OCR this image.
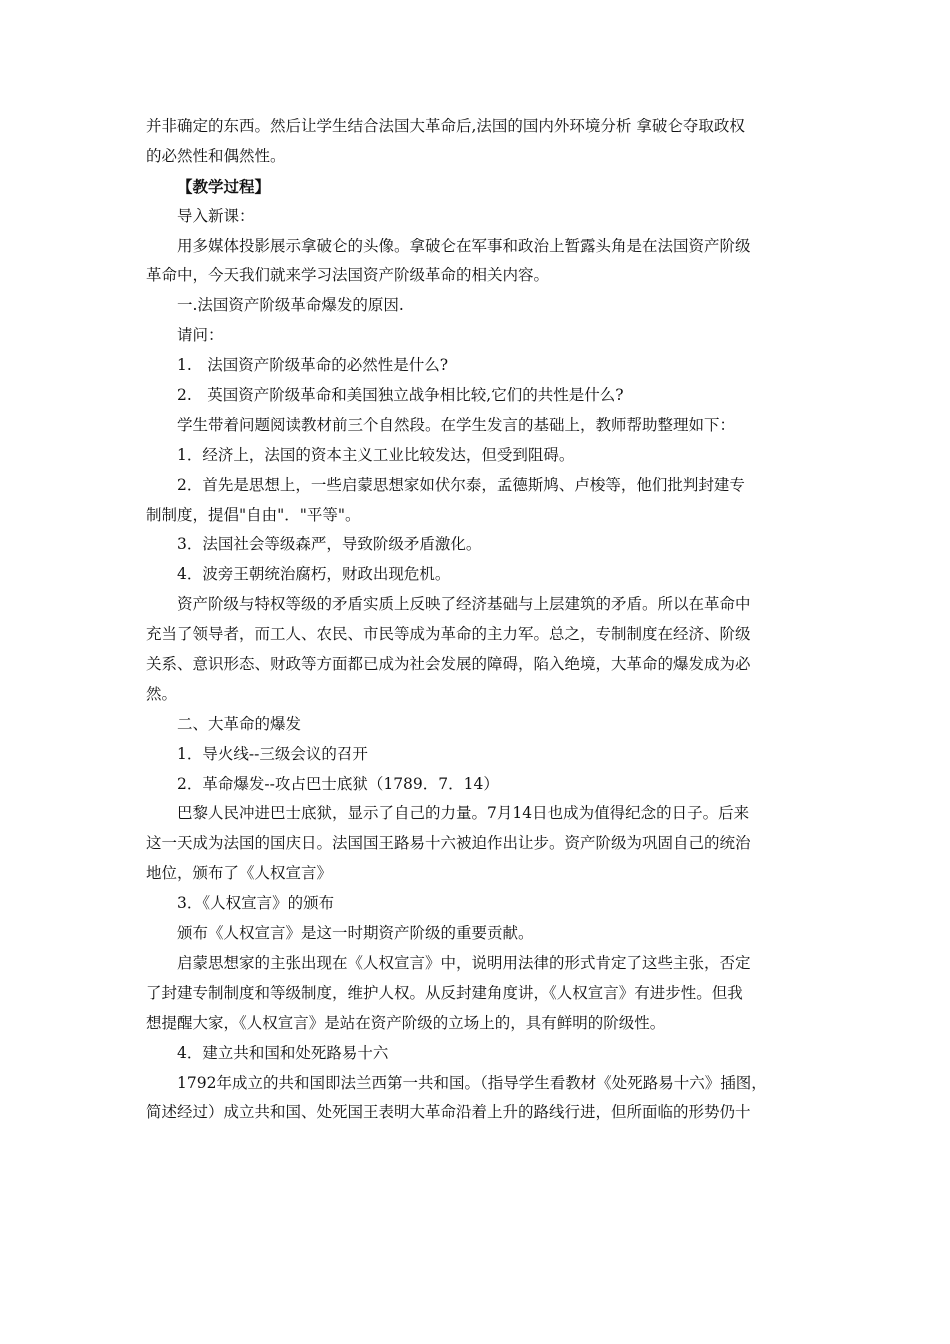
并非确定的东西。然后让学生结合法国大革命后,法国的国内外环境分析 拿破仑夺取政权
的必然性和偶然性。
【教学过程】
导入新课：
用多媒体投影展示拿破仑的头像。拿破仑在军事和政治上暂露头角是在法国资产阶级
革命中，今天我们就来学习法国资产阶级革命的相关内容。
一.法国资产阶级革命爆发的原因.
请问：
1.　法国资产阶级革命的必然性是什么?
2.　英国资产阶级革命和美国独立战争相比较,它们的共性是什么?
学生带着问题阅读教材前三个自然段。在学生发言的基础上，教师帮助整理如下：
1．经济上，法国的资本主义工业比较发达，但受到阻碍。
2．首先是思想上，一些启蒙思想家如伏尔泰，孟德斯鸠、卢梭等，他们批判封建专
制制度，提倡"自由"．"平等"。
3．法国社会等级森严，导致阶级矛盾激化。
4．波旁王朝统治腐朽，财政出现危机。
资产阶级与特权等级的矛盾实质上反映了经济基础与上层建筑的矛盾。所以在革命中
充当了领导者，而工人、农民、市民等成为革命的主力军。总之，专制制度在经济、阶级
关系、意识形态、财政等方面都已成为社会发展的障碍，陷入绝境，大革命的爆发成为必
然。
二、大革命的爆发
1．导火线--三级会议的召开
2．革命爆发--攻占巴士底狱（1789．7．14）
巴黎人民冲进巴士底狱，显示了自己的力量。7月14日也成为值得纪念的日子。后来
这一天成为法国的国庆日。法国国王路易十六被迫作出让步。资产阶级为巩固自己的统治
地位，颁布了《人权宣言》
3．《人权宣言》的颁布
颁布《人权宣言》是这一时期资产阶级的重要贡献。
启蒙思想家的主张出现在《人权宣言》中，说明用法律的形式肯定了这些主张，否定
了封建专制制度和等级制度，维护人权。从反封建角度讲，《人权宣言》有进步性。但我
想提醒大家，《人权宣言》是站在资产阶级的立场上的，具有鲜明的阶级性。
4．建立共和国和处死路易十六
1792年成立的共和国即法兰西第一共和国。（指导学生看教材《处死路易十六》插图，
简述经过）成立共和国、处死国王表明大革命沿着上升的路线行进，但所面临的形势仍十
